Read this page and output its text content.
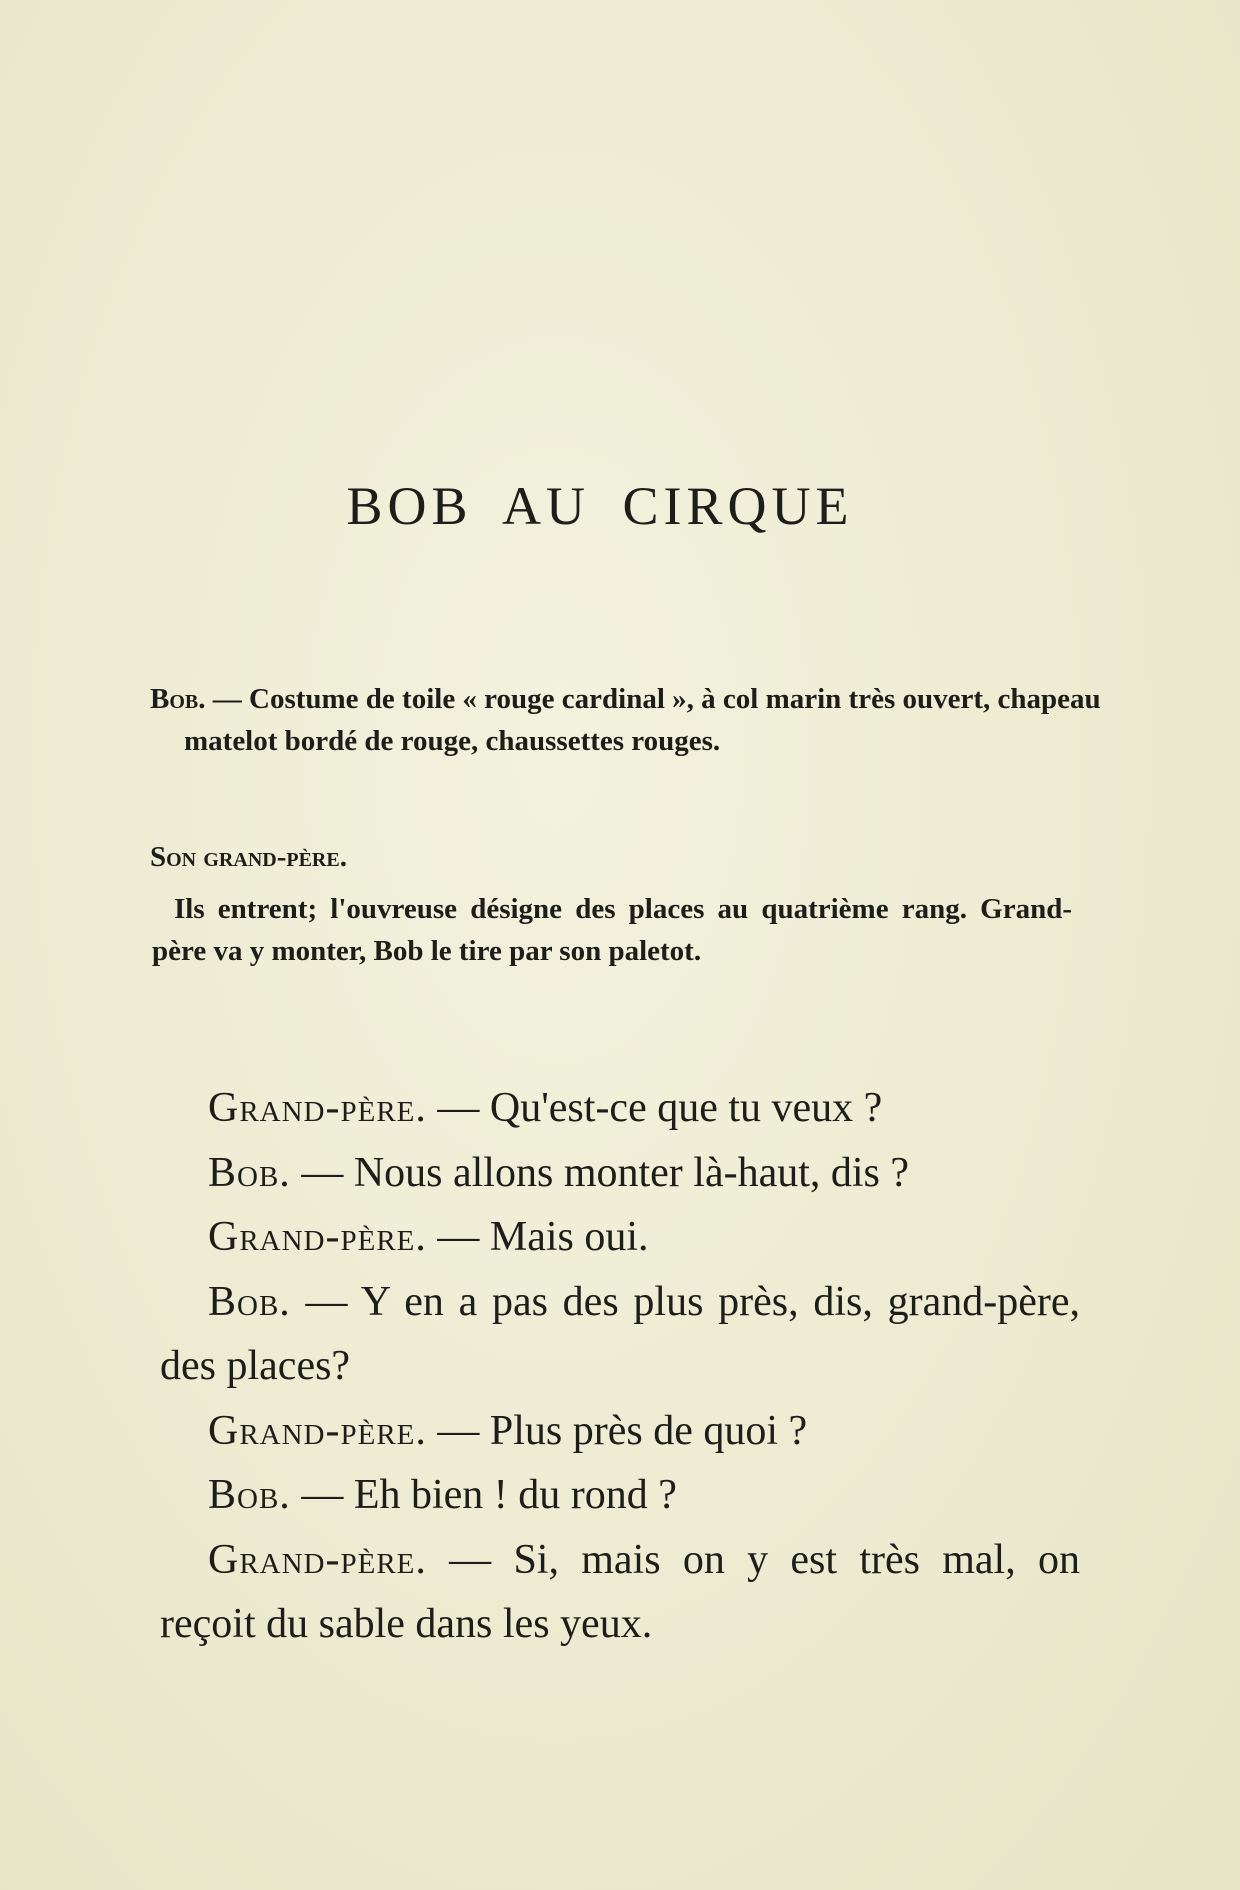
BOB AU CIRQUE
Bob. — Costume de toile « rouge cardinal », à col marin très ouvert, chapeau matelot bordé de rouge, chaussettes rouges.
Son grand-père.
Ils entrent; l'ouvreuse désigne des places au quatrième rang. Grand-père va y monter, Bob le tire par son paletot.
Grand-père. — Qu'est-ce que tu veux ?
Bob. — Nous allons monter là-haut, dis ?
Grand-père. — Mais oui.
Bob. — Y en a pas des plus près, dis, grand-père, des places?
Grand-père. — Plus près de quoi ?
Bob. — Eh bien ! du rond ?
Grand-père. — Si, mais on y est très mal, on reçoit du sable dans les yeux.
